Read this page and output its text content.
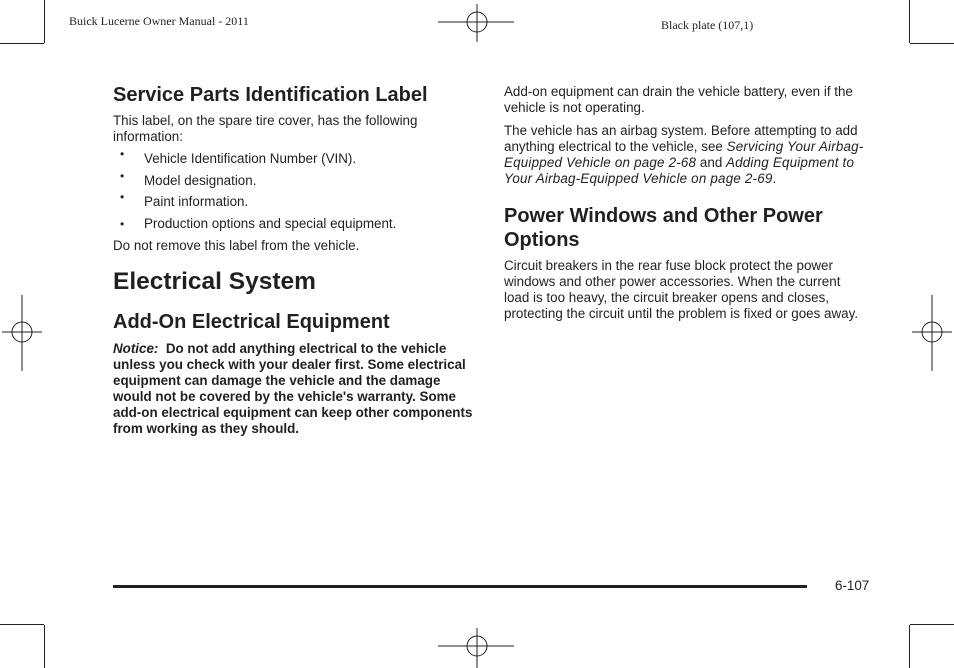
Buick Lucerne Owner Manual - 2011	Black plate (107,1)
Service Parts Identification Label

This label, on the spare tire cover, has the following information:

• Vehicle Identification Number (VIN).
• Model designation.
• Paint information.
• Production options and special equipment.

Do not remove this label from the vehicle.

Electrical System
Add-On Electrical Equipment

Notice: Do not add anything electrical to the vehicle unless you check with your dealer first. Some electrical equipment can damage the vehicle and the damage would not be covered by the vehicle's warranty. Some add-on electrical equipment can keep other components from working as they should.

Add-on equipment can drain the vehicle battery, even if the vehicle is not operating.

The vehicle has an airbag system. Before attempting to add anything electrical to the vehicle, see Servicing Your Airbag-Equipped Vehicle on page 2-68 and Adding Equipment to Your Airbag-Equipped Vehicle on page 2-69.

Power Windows and Other Power Options

Circuit breakers in the rear fuse block protect the power windows and other power accessories. When the current load is too heavy, the circuit breaker opens and closes, protecting the circuit until the problem is fixed or goes away.

6-107
